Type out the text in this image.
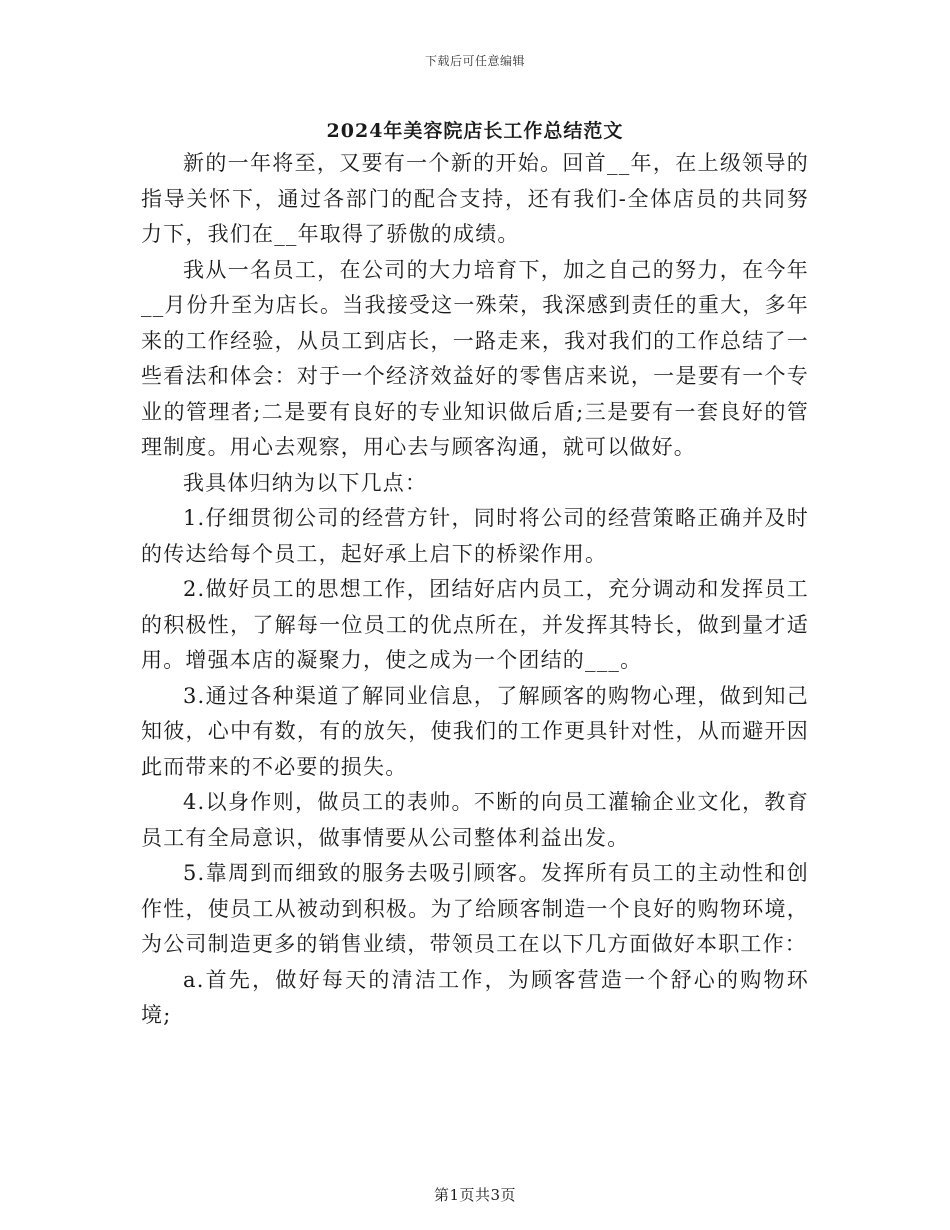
下载后可任意编辑
2024年美容院店长工作总结范文

新的一年将至，又要有一个新的开始。回首__年，在上级领导的指导关怀下，通过各部门的配合支持，还有我们-全体店员的共同努力下，我们在__年取得了骄傲的成绩。

我从一名员工，在公司的大力培育下，加之自己的努力，在今年__月份升至为店长。当我接受这一殊荣，我深感到责任的重大，多年来的工作经验，从员工到店长，一路走来，我对我们的工作总结了一些看法和体会：对于一个经济效益好的零售店来说，一是要有一个专业的管理者;二是要有良好的专业知识做后盾;三是要有一套良好的管理制度。用心去观察，用心去与顾客沟通，就可以做好。

我具体归纳为以下几点：

1.仔细贯彻公司的经营方针，同时将公司的经营策略正确并及时的传达给每个员工，起好承上启下的桥梁作用。

2.做好员工的思想工作，团结好店内员工，充分调动和发挥员工的积极性，了解每一位员工的优点所在，并发挥其特长，做到量才适用。增强本店的凝聚力，使之成为一个团结的___。

3.通过各种渠道了解同业信息，了解顾客的购物心理，做到知己知彼，心中有数，有的放矢，使我们的工作更具针对性，从而避开因此而带来的不必要的损失。

4.以身作则，做员工的表帅。不断的向员工灌输企业文化，教育员工有全局意识，做事情要从公司整体利益出发。

5.靠周到而细致的服务去吸引顾客。发挥所有员工的主动性和创作性，使员工从被动到积极。为了给顾客制造一个良好的购物环境，为公司制造更多的销售业绩，带领员工在以下几方面做好本职工作：

a.首先，做好每天的清洁工作，为顾客营造一个舒心的购物环境;

第1页共3页
